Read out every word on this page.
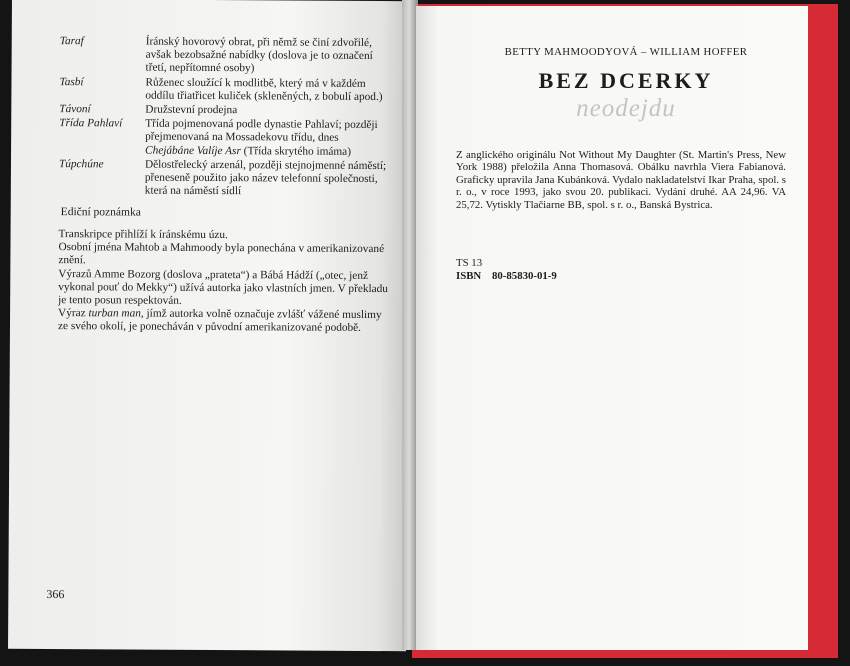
Taraf	Íránský hovorový obrat, při němž se činí zdvořilé, avšak bezobsažné nabídky (doslova je to označení třetí, nepřítomné osoby)
Tasbí	Růženec sloužící k modlitbě, který má v každém oddílu třiatřicet kuliček (skleněných, z bobulí apod.)
Távoní	Družstevní prodejna
Třída Pahlaví	Třída pojmenovaná podle dynastie Pahlaví; později přejmenovaná na Mossadekovu třídu, dnes Chejábáne Valíje Asr (Třída skrytého imáma)
Túpchúne	Dělostřelecký arzenál, později stejnojmenné náměstí; přeneseně použito jako název telefonní společnosti, která na náměstí sídlí
Ediční poznámka

Transkripce přihlíží k íránskému úzu.

Osobní jména Mahtob a Mahmoody byla ponechána v amerikanizované znění.

Výrazů Amme Bozorg (doslova „prateta“) a Bábá Hádží („otec, jenž vykonal pouť do Mekky“) užívá autorka jako vlastních jmen. V překladu je tento posun respektován.

Výraz turban man, jímž autorka volně označuje zvlášť vážené muslimy ze svého okolí, je ponecháván v původní amerikanizované podobě.

366
BETTY MAHMOODYOVÁ – WILLIAM HOFFER
BEZ DCERKY
neodejdu
Z anglického originálu Not Without My Daughter (St. Martin's Press, New York 1988) přeložila Anna Thomasová. Obálku navrhla Viera Fabianová. Graficky upravila Jana Kubánková. Vydalo nakladatelství Ikar Praha, spol. s r. o., v roce 1993, jako svou 20. publikaci. Vydání druhé. AA 24,96. VA 25,72. Vytiskly Tlačiarne BB, spol. s r. o., Banská Bystrica.
TS 13
ISBN 80-85830-01-9
